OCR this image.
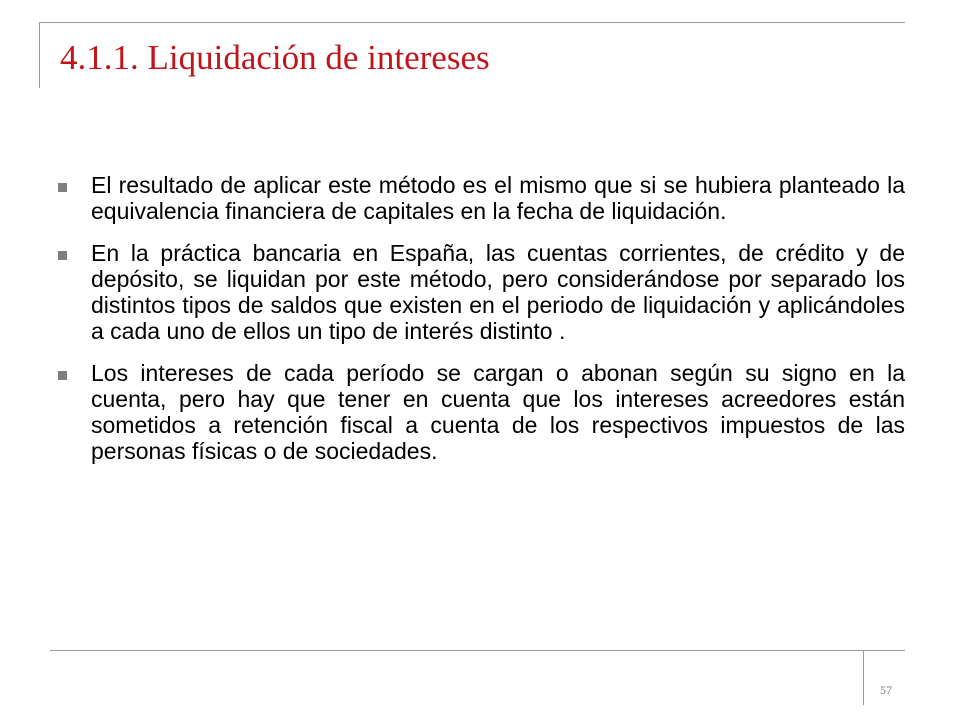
4.1.1. Liquidación de intereses
El resultado de aplicar este método es el mismo que si se hubiera planteado la equivalencia financiera de capitales en la fecha de liquidación.
En la práctica bancaria en España, las cuentas corrientes, de crédito y de depósito, se liquidan por este método, pero considerándose por separado los distintos tipos de saldos que existen en el periodo de liquidación y aplicándoles a cada uno de ellos un tipo de interés distinto .
Los intereses de cada período se cargan o abonan según su signo en la cuenta, pero hay que tener en cuenta que los intereses acreedores están sometidos a retención fiscal a cuenta de los respectivos impuestos de las personas físicas o de sociedades.
57
